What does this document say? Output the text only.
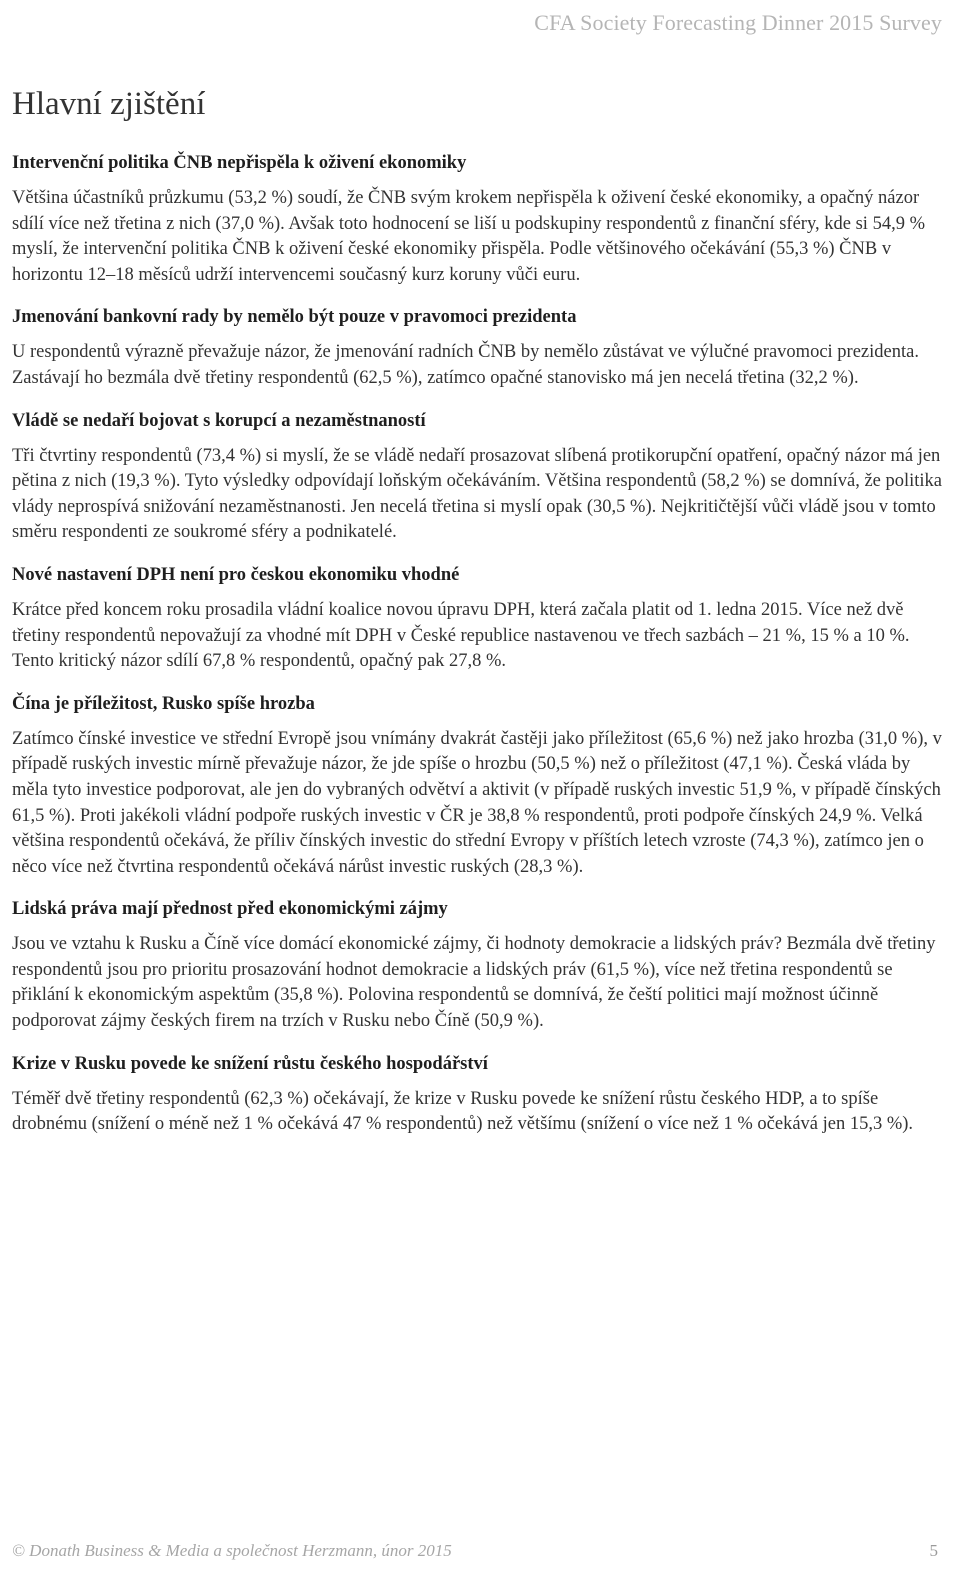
CFA Society Forecasting Dinner 2015 Survey
Hlavní zjištění
Intervenční politika ČNB nepřispěla k oživení ekonomiky

Většina účastníků průzkumu (53,2 %) soudí, že ČNB svým krokem nepřispěla k oživení české ekonomiky, a opačný názor sdílí více než třetina z nich (37,0 %). Avšak toto hodnocení se liší u podskupiny respondentů z finanční sféry, kde si 54,9 % myslí, že intervenční politika ČNB k oživení české ekonomiky přispěla. Podle většinového očekávání (55,3 %) ČNB v horizontu 12–18 měsíců udrží intervencemi současný kurz koruny vůči euru.

Jmenování bankovní rady by nemělo být pouze v pravomoci prezidenta

U respondentů výrazně převažuje názor, že jmenování radních ČNB by nemělo zůstávat ve výlučné pravomoci prezidenta. Zastávají ho bezmála dvě třetiny respondentů (62,5 %), zatímco opačné stanovisko má jen necelá třetina (32,2 %).

Vládě se nedaří bojovat s korupcí a nezaměstnaností

Tři čtvrtiny respondentů (73,4 %) si myslí, že se vládě nedaří prosazovat slíbená protikorupční opatření, opačný názor má jen pětina z nich (19,3 %). Tyto výsledky odpovídají loňským očekáváním. Většina respondentů (58,2 %) se domnívá, že politika vlády neprospívá snižování nezaměstnanosti. Jen necelá třetina si myslí opak (30,5 %). Nejkritičtější vůči vládě jsou v tomto směru respondenti ze soukromé sféry a podnikatelé.

Nové nastavení DPH není pro českou ekonomiku vhodné

Krátce před koncem roku prosadila vládní koalice novou úpravu DPH, která začala platit od 1. ledna 2015. Více než dvě třetiny respondentů nepovažují za vhodné mít DPH v České republice nastavenou ve třech sazbách – 21 %, 15 % a 10 %. Tento kritický názor sdílí 67,8 % respondentů, opačný pak 27,8 %.

Čína je příležitost, Rusko spíše hrozba

Zatímco čínské investice ve střední Evropě jsou vnímány dvakrát častěji jako příležitost (65,6 %) než jako hrozba (31,0 %), v případě ruských investic mírně převažuje názor, že jde spíše o hrozbu (50,5 %) než o příležitost (47,1 %). Česká vláda by měla tyto investice podporovat, ale jen do vybraných odvětví a aktivit (v případě ruských investic 51,9 %, v případě čínských 61,5 %). Proti jakékoli vládní podpoře ruských investic v ČR je 38,8 % respondentů, proti podpoře čínských 24,9 %. Velká většina respondentů očekává, že příliv čínských investic do střední Evropy v příštích letech vzroste (74,3 %), zatímco jen o něco více než čtvrtina respondentů očekává nárůst investic ruských (28,3 %).

Lidská práva mají přednost před ekonomickými zájmy

Jsou ve vztahu k Rusku a Číně více domácí ekonomické zájmy, či hodnoty demokracie a lidských práv? Bezmála dvě třetiny respondentů jsou pro prioritu prosazování hodnot demokracie a lidských práv (61,5 %), více než třetina respondentů se přiklání k ekonomickým aspektům (35,8 %). Polovina respondentů se domnívá, že čeští politici mají možnost účinně podporovat zájmy českých firem na trzích v Rusku nebo Číně (50,9 %).

Krize v Rusku povede ke snížení růstu českého hospodářství

Téměř dvě třetiny respondentů (62,3 %) očekávají, že krize v Rusku povede ke snížení růstu českého HDP, a to spíše drobnému (snížení o méně než 1 % očekává 47 % respondentů) než většímu (snížení o více než 1 % očekává jen 15,3 %).

© Donath Business & Media a společnost Herzmann, únor 2015	5
